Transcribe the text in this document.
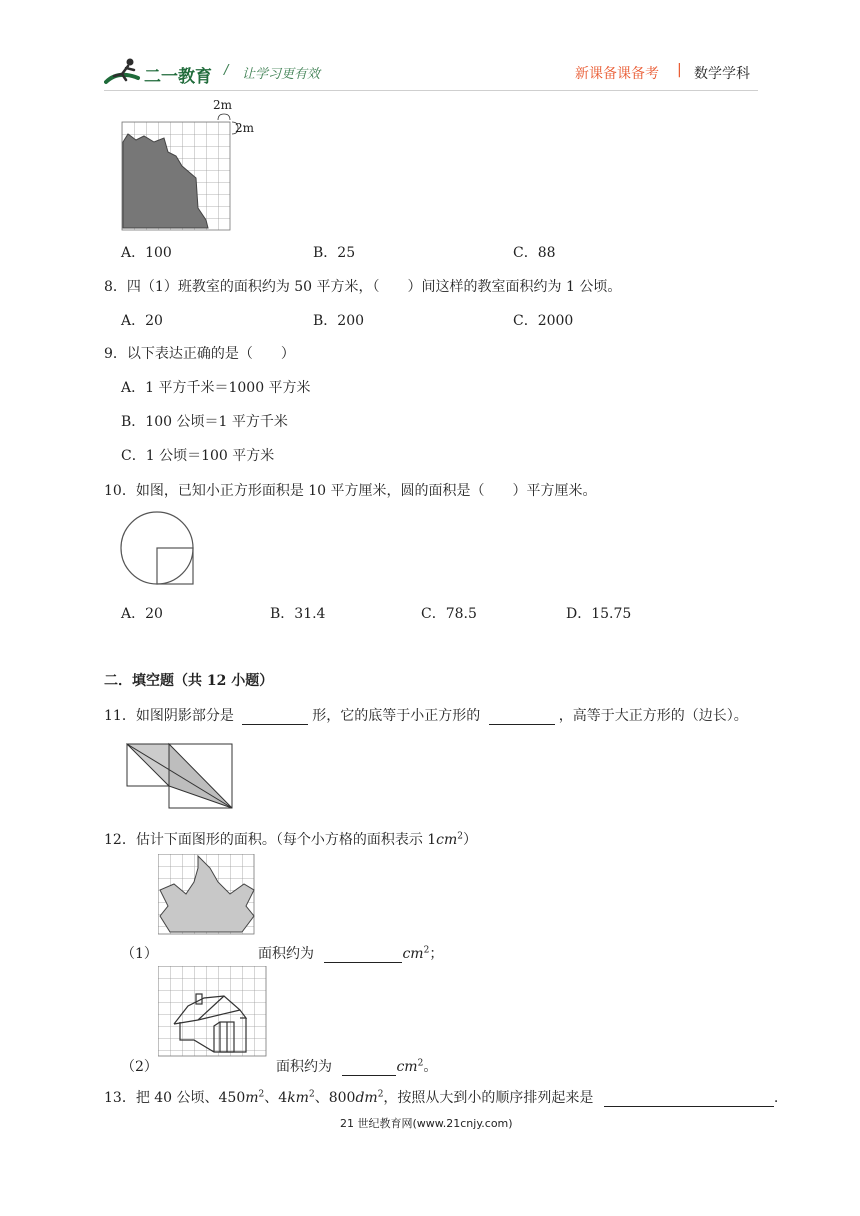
二一教育 / 让学习更有效	新课备课备考 | 数学学科
2m
2m
A．100	B．25	C．88
8．四（1）班教室的面积约为 50 平方米，（　　）间这样的教室面积约为 1 公顷。
A．20	B．200	C．2000
9．以下表达正确的是（　　）
A．1 平方千米＝1000 平方米
B．100 公顷＝1 平方千米
C．1 公顷＝100 平方米
10．如图，已知小正方形面积是 10 平方厘米，圆的面积是（　　）平方厘米。
A．20	B．31.4	C．78.5	D．15.75
二．填空题（共 12 小题）
11．如图阴影部分是	形，它的底等于小正方形的	，高等于大正方形的（边长）。
12．估计下面图形的面积。（每个小方格的面积表示 $1cm^2$）
（1）	面积约为	$cm^2$；
（2）	面积约为	$cm^2$。
13．把 40 公顷、$450m^2$、$4km^2$、$800dm^2$，按照从大到小的顺序排列起来是	.
21 世纪教育网(www.21cnjy.com)
